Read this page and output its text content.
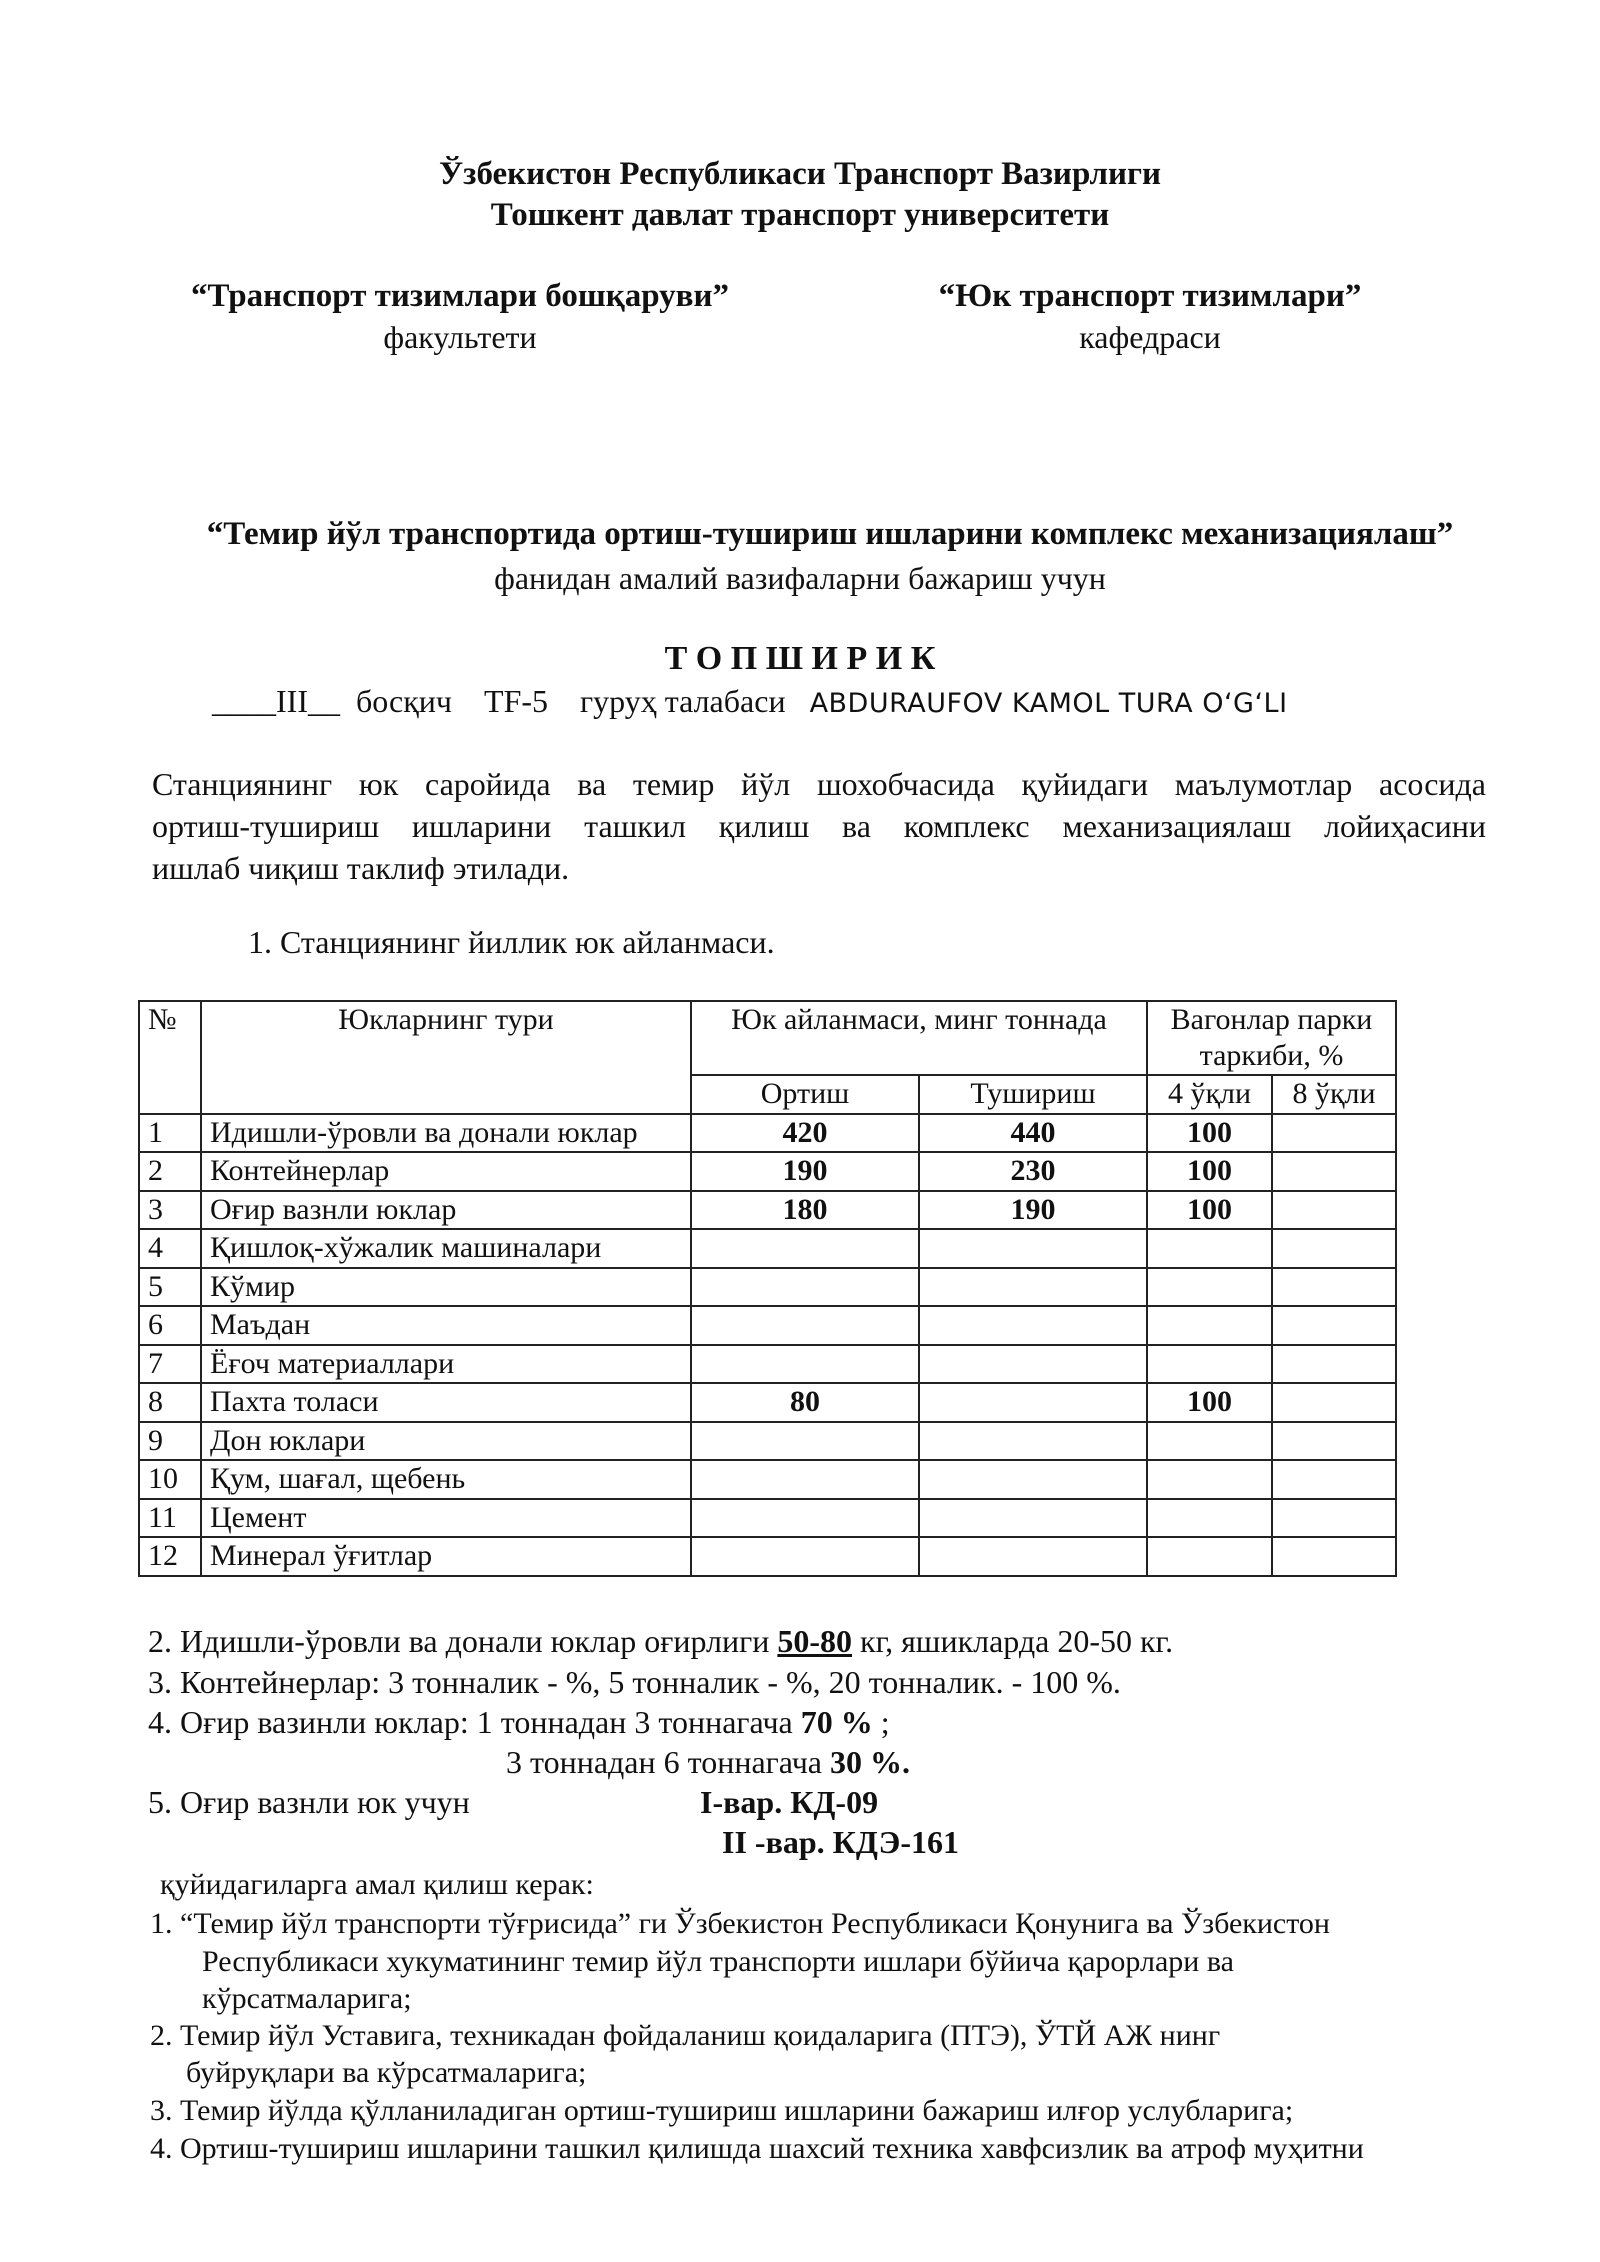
Ўзбекистон Республикаси Транспорт Вазирлиги
Тошкент давлат транспорт университети
“Транспорт тизимлари бошқаруви”
факультети
“Юк транспорт тизимлари”
кафедраси
“Темир йўл транспортида ортиш-тушириш ишларини комплекс механизациялаш”
фанидан амалий вазифаларни бажариш учун
Т О П Ш И Р И К
____III__ босқич TF-5 гуруҳ талабаси ABDURAUFOV KAMOL TURA O‘G‘LI
Станциянинг юк саройида ва темир йўл шохобчасида қуйидаги маълумотлар асосида
ортиш-тушириш ишларини ташкил қилиш ва комплекс механизациялаш лойиҳасини
ишлаб чиқиш таклиф этилади.
1. Станциянинг йиллик юк айланмаси.
№	Юкларнинг тури	Юк айланмаси, минг тоннада		Вагонлар парки таркиби, %	
		Ортиш	Тушириш	4 ўқли	8 ўқли
1	Идишли-ўровли ва донали юклар	420	440	100	
2	Контейнерлар	190	230	100	
3	Оғир вазнли юклар	180	190	100	
4	Қишлоқ-хўжалик машиналари				
5	Кўмир				
6	Маъдан				
7	Ёғоч материаллари				
8	Пахта толаси	80		100	
9	Дон юклари				
10	Қум, шағал, щебень				
11	Цемент				
12	Минерал ўғитлар				
2. Идишли-ўровли ва донали юклар оғирлиги 50-80 кг, яшикларда 20-50 кг.
3. Контейнерлар: 3 тонналик - %, 5 тонналик - %, 20 тонналик. - 100 %.
4. Оғир вазинли юклар: 1 тоннадан 3 тоннагача 70 % ;
3 тоннадан 6 тоннагача 30 %.
5. Оғир вазнли юк учун	I-вар. КД-09
II -вар. КДЭ-161
қуйидагиларга амал қилиш керак:
1. “Темир йўл транспорти тўғрисида” ги Ўзбекистон Республикаси Қонунига ва Ўзбекистон
Республикаси хукуматининг темир йўл транспорти ишлари бўйича қарорлари ва
кўрсатмаларига;
2. Темир йўл Уставига, техникадан фойдаланиш қоидаларига (ПТЭ), ЎТЙ АЖ нинг
буйруқлари ва кўрсатмаларига;
3. Темир йўлда қўлланиладиган ортиш-тушириш ишларини бажариш илғор услубларига;
4. Ортиш-тушириш ишларини ташкил қилишда шахсий техника хавфсизлик ва атроф муҳитни
